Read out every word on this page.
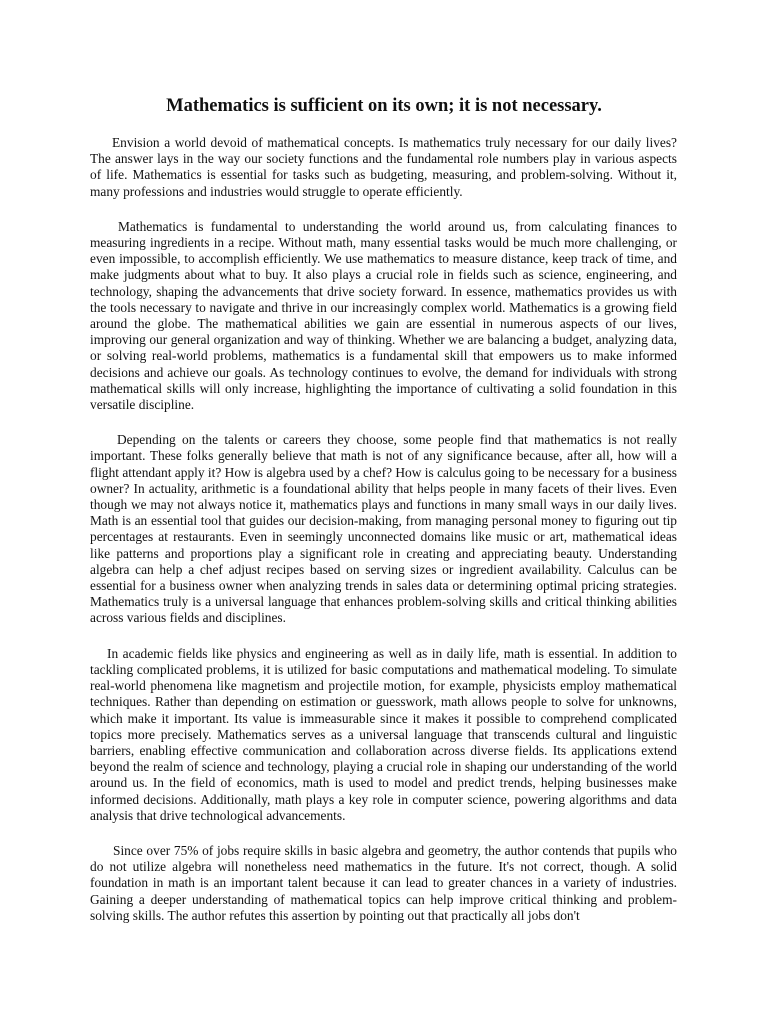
Mathematics is sufficient on its own; it is not necessary.

Envision a world devoid of mathematical concepts. Is mathematics truly necessary for our daily lives? The answer lays in the way our society functions and the fundamental role numbers play in various aspects of life. Mathematics is essential for tasks such as budgeting, measuring, and problem-solving. Without it, many professions and industries would struggle to operate efficiently.

Mathematics is fundamental to understanding the world around us, from calculating finances to measuring ingredients in a recipe. Without math, many essential tasks would be much more challenging, or even impossible, to accomplish efficiently. We use mathematics to measure distance, keep track of time, and make judgments about what to buy. It also plays a crucial role in fields such as science, engineering, and technology, shaping the advancements that drive society forward. In essence, mathematics provides us with the tools necessary to navigate and thrive in our increasingly complex world. Mathematics is a growing field around the globe. The mathematical abilities we gain are essential in numerous aspects of our lives, improving our general organization and way of thinking. Whether we are balancing a budget, analyzing data, or solving real-world problems, mathematics is a fundamental skill that empowers us to make informed decisions and achieve our goals. As technology continues to evolve, the demand for individuals with strong mathematical skills will only increase, highlighting the importance of cultivating a solid foundation in this versatile discipline.

Depending on the talents or careers they choose, some people find that mathematics is not really important. These folks generally believe that math is not of any significance because, after all, how will a flight attendant apply it? How is algebra used by a chef? How is calculus going to be necessary for a business owner? In actuality, arithmetic is a foundational ability that helps people in many facets of their lives. Even though we may not always notice it, mathematics plays and functions in many small ways in our daily lives. Math is an essential tool that guides our decision-making, from managing personal money to figuring out tip percentages at restaurants. Even in seemingly unconnected domains like music or art, mathematical ideas like patterns and proportions play a significant role in creating and appreciating beauty. Understanding algebra can help a chef adjust recipes based on serving sizes or ingredient availability. Calculus can be essential for a business owner when analyzing trends in sales data or determining optimal pricing strategies. Mathematics truly is a universal language that enhances problem-solving skills and critical thinking abilities across various fields and disciplines.

In academic fields like physics and engineering as well as in daily life, math is essential. In addition to tackling complicated problems, it is utilized for basic computations and mathematical modeling. To simulate real-world phenomena like magnetism and projectile motion, for example, physicists employ mathematical techniques. Rather than depending on estimation or guesswork, math allows people to solve for unknowns, which make it important. Its value is immeasurable since it makes it possible to comprehend complicated topics more precisely. Mathematics serves as a universal language that transcends cultural and linguistic barriers, enabling effective communication and collaboration across diverse fields. Its applications extend beyond the realm of science and technology, playing a crucial role in shaping our understanding of the world around us. In the field of economics, math is used to model and predict trends, helping businesses make informed decisions. Additionally, math plays a key role in computer science, powering algorithms and data analysis that drive technological advancements.

Since over 75% of jobs require skills in basic algebra and geometry, the author contends that pupils who do not utilize algebra will nonetheless need mathematics in the future. It's not correct, though. A solid foundation in math is an important talent because it can lead to greater chances in a variety of industries. Gaining a deeper understanding of mathematical topics can help improve critical thinking and problem-solving skills. The author refutes this assertion by pointing out that practically all jobs don't
